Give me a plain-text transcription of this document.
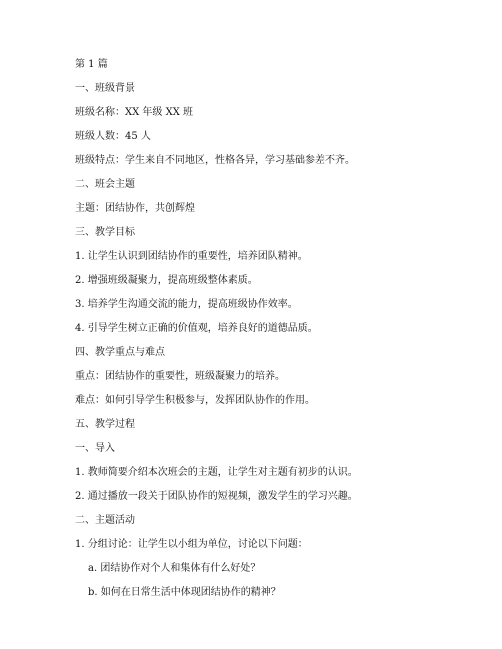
第 1 篇
一、班级背景
班级名称：XX 年级 XX 班
班级人数：45 人
班级特点：学生来自不同地区，性格各异，学习基础参差不齐。
二、班会主题
主题：团结协作，共创辉煌
三、教学目标
1. 让学生认识到团结协作的重要性，培养团队精神。
2. 增强班级凝聚力，提高班级整体素质。
3. 培养学生沟通交流的能力，提高班级协作效率。
4. 引导学生树立正确的价值观，培养良好的道德品质。
四、教学重点与难点
重点：团结协作的重要性，班级凝聚力的培养。
难点：如何引导学生积极参与，发挥团队协作的作用。
五、教学过程
一、导入
1. 教师简要介绍本次班会的主题，让学生对主题有初步的认识。
2. 通过播放一段关于团队协作的短视频，激发学生的学习兴趣。
二、主题活动
1. 分组讨论：让学生以小组为单位，讨论以下问题：
a. 团结协作对个人和集体有什么好处？
b. 如何在日常生活中体现团结协作的精神？
